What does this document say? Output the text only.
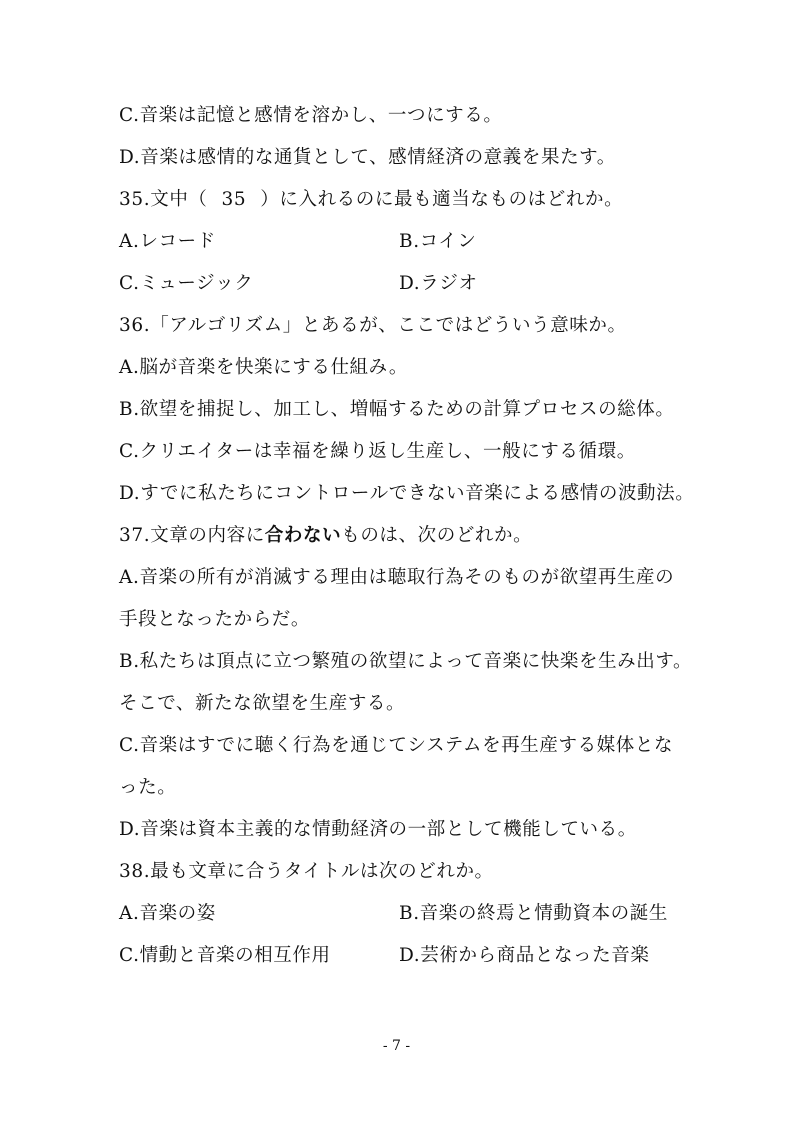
C.音楽は記憶と感情を溶かし、一つにする。
D.音楽は感情的な通貨として、感情経済の意義を果たす。
35.文中（ 35 ）に入れるのに最も適当なものはどれか。
A.レコード	B.コイン
C.ミュージック	D.ラジオ
36.「アルゴリズム」とあるが、ここではどういう意味か。
A.脳が音楽を快楽にする仕組み。
B.欲望を捕捉し、加工し、増幅するための計算プロセスの総体。
C.クリエイターは幸福を繰り返し生産し、一般にする循環。
D.すでに私たちにコントロールできない音楽による感情の波動法。
37.文章の内容に合わないものは、次のどれか。
A.音楽の所有が消滅する理由は聴取行為そのものが欲望再生産の
手段となったからだ。
B.私たちは頂点に立つ繁殖の欲望によって音楽に快楽を生み出す。
そこで、新たな欲望を生産する。
C.音楽はすでに聴く行為を通じてシステムを再生産する媒体とな
った。
D.音楽は資本主義的な情動経済の一部として機能している。
38.最も文章に合うタイトルは次のどれか。
A.音楽の姿	B.音楽の終焉と情動資本の誕生
C.情動と音楽の相互作用	D.芸術から商品となった音楽
- 7 -
